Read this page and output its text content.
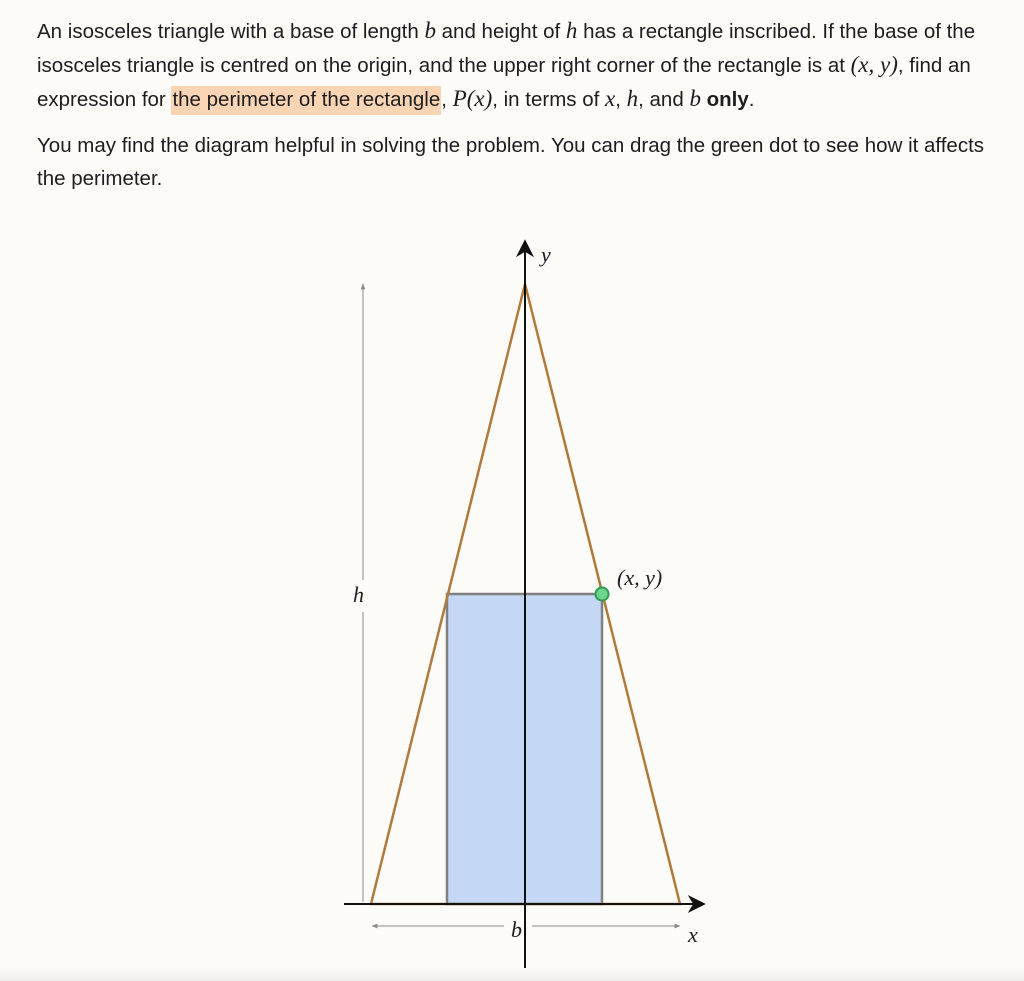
An isosceles triangle with a base of length b and height of h has a rectangle inscribed. If the base of the isosceles triangle is centred on the origin, and the upper right corner of the rectangle is at (x, y), find an expression for the perimeter of the rectangle, P(x), in terms of x, h, and b only.

You may find the diagram helpful in solving the problem. You can drag the green dot to see how it affects the perimeter.

h
b
y
x
(x, y)
